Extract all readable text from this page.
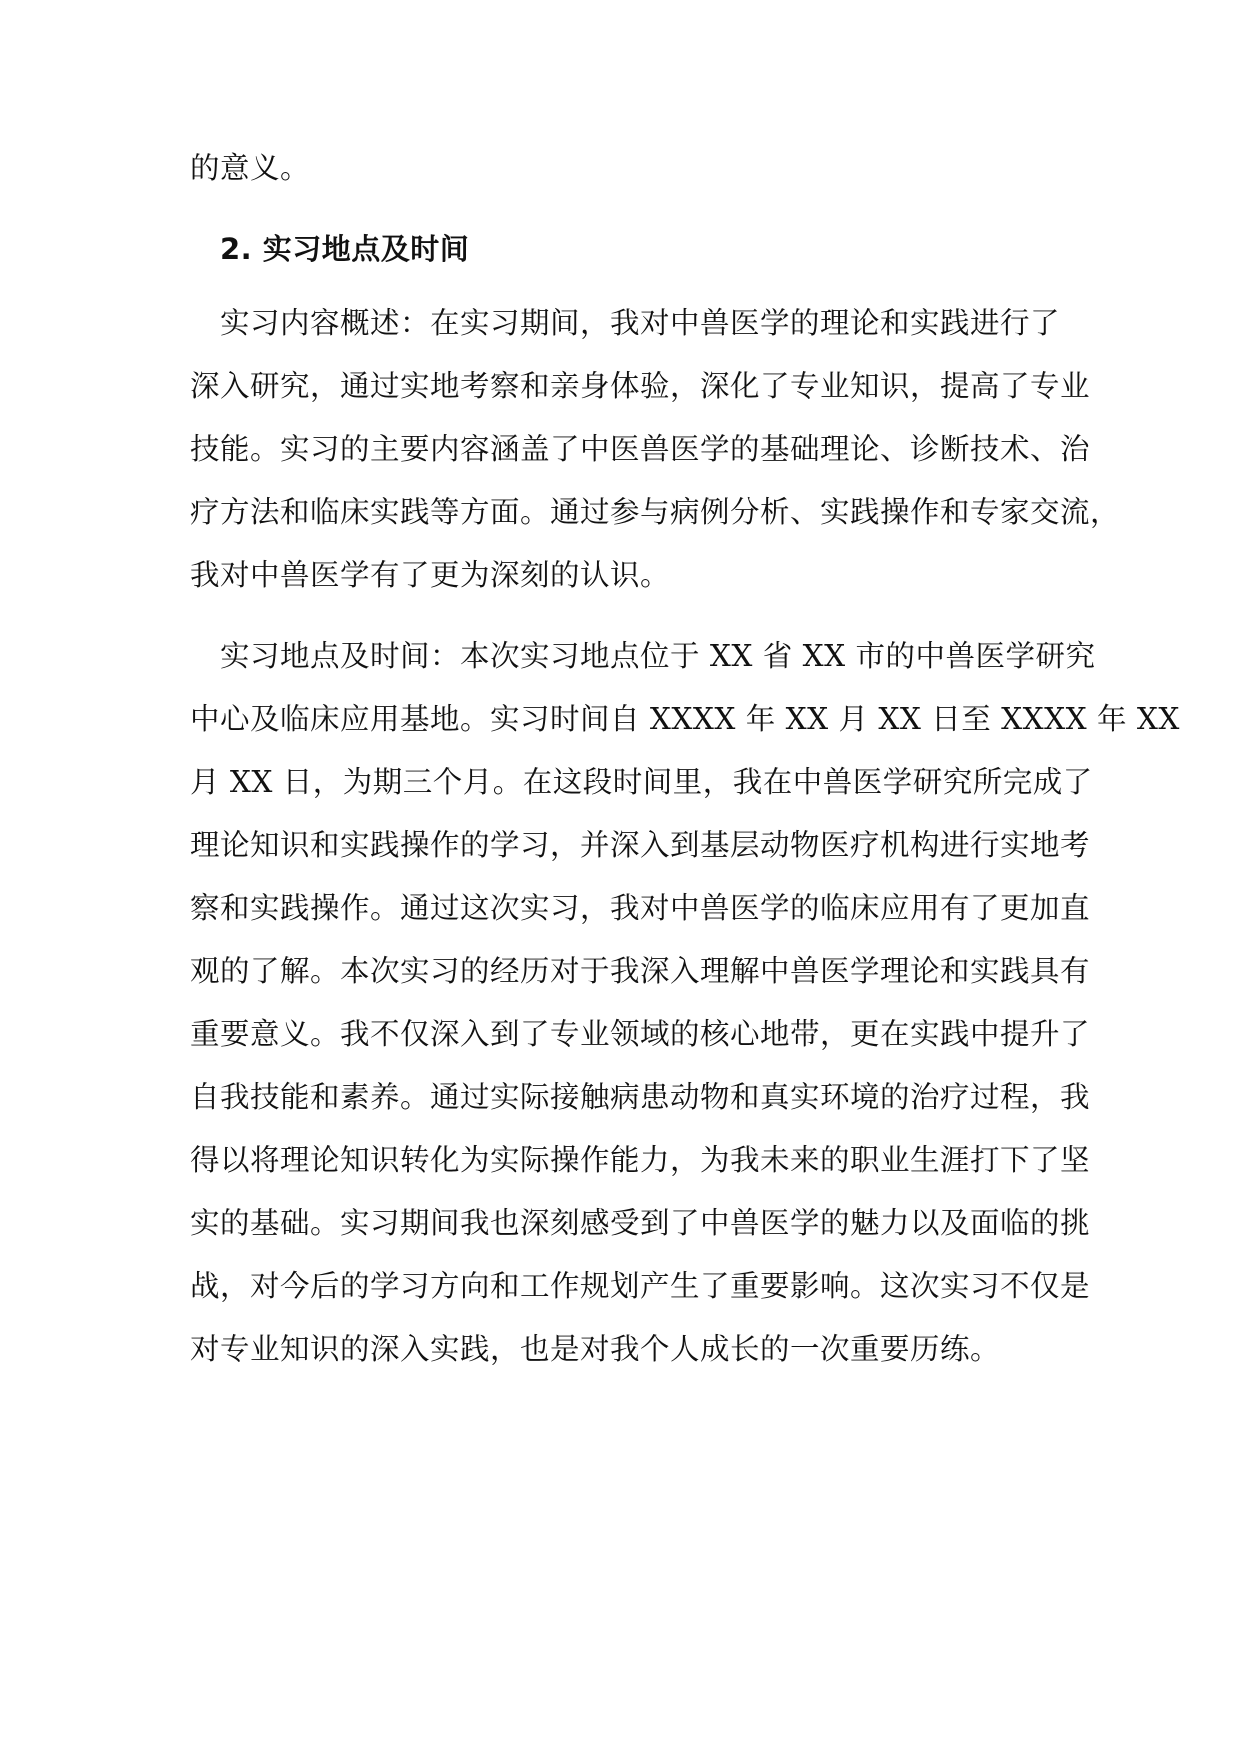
的意义。
2. 实习地点及时间
实习内容概述：在实习期间，我对中兽医学的理论和实践进行了
深入研究，通过实地考察和亲身体验，深化了专业知识，提高了专业
技能。实习的主要内容涵盖了中医兽医学的基础理论、诊断技术、治
疗方法和临床实践等方面。通过参与病例分析、实践操作和专家交流，
我对中兽医学有了更为深刻的认识。
实习地点及时间：本次实习地点位于 XX 省 XX 市的中兽医学研究
中心及临床应用基地。实习时间自 XXXX 年 XX 月 XX 日至 XXXX 年 XX
月 XX 日，为期三个月。在这段时间里，我在中兽医学研究所完成了
理论知识和实践操作的学习，并深入到基层动物医疗机构进行实地考
察和实践操作。通过这次实习，我对中兽医学的临床应用有了更加直
观的了解。本次实习的经历对于我深入理解中兽医学理论和实践具有
重要意义。我不仅深入到了专业领域的核心地带，更在实践中提升了
自我技能和素养。通过实际接触病患动物和真实环境的治疗过程，我
得以将理论知识转化为实际操作能力，为我未来的职业生涯打下了坚
实的基础。实习期间我也深刻感受到了中兽医学的魅力以及面临的挑
战，对今后的学习方向和工作规划产生了重要影响。这次实习不仅是
对专业知识的深入实践，也是对我个人成长的一次重要历练。
